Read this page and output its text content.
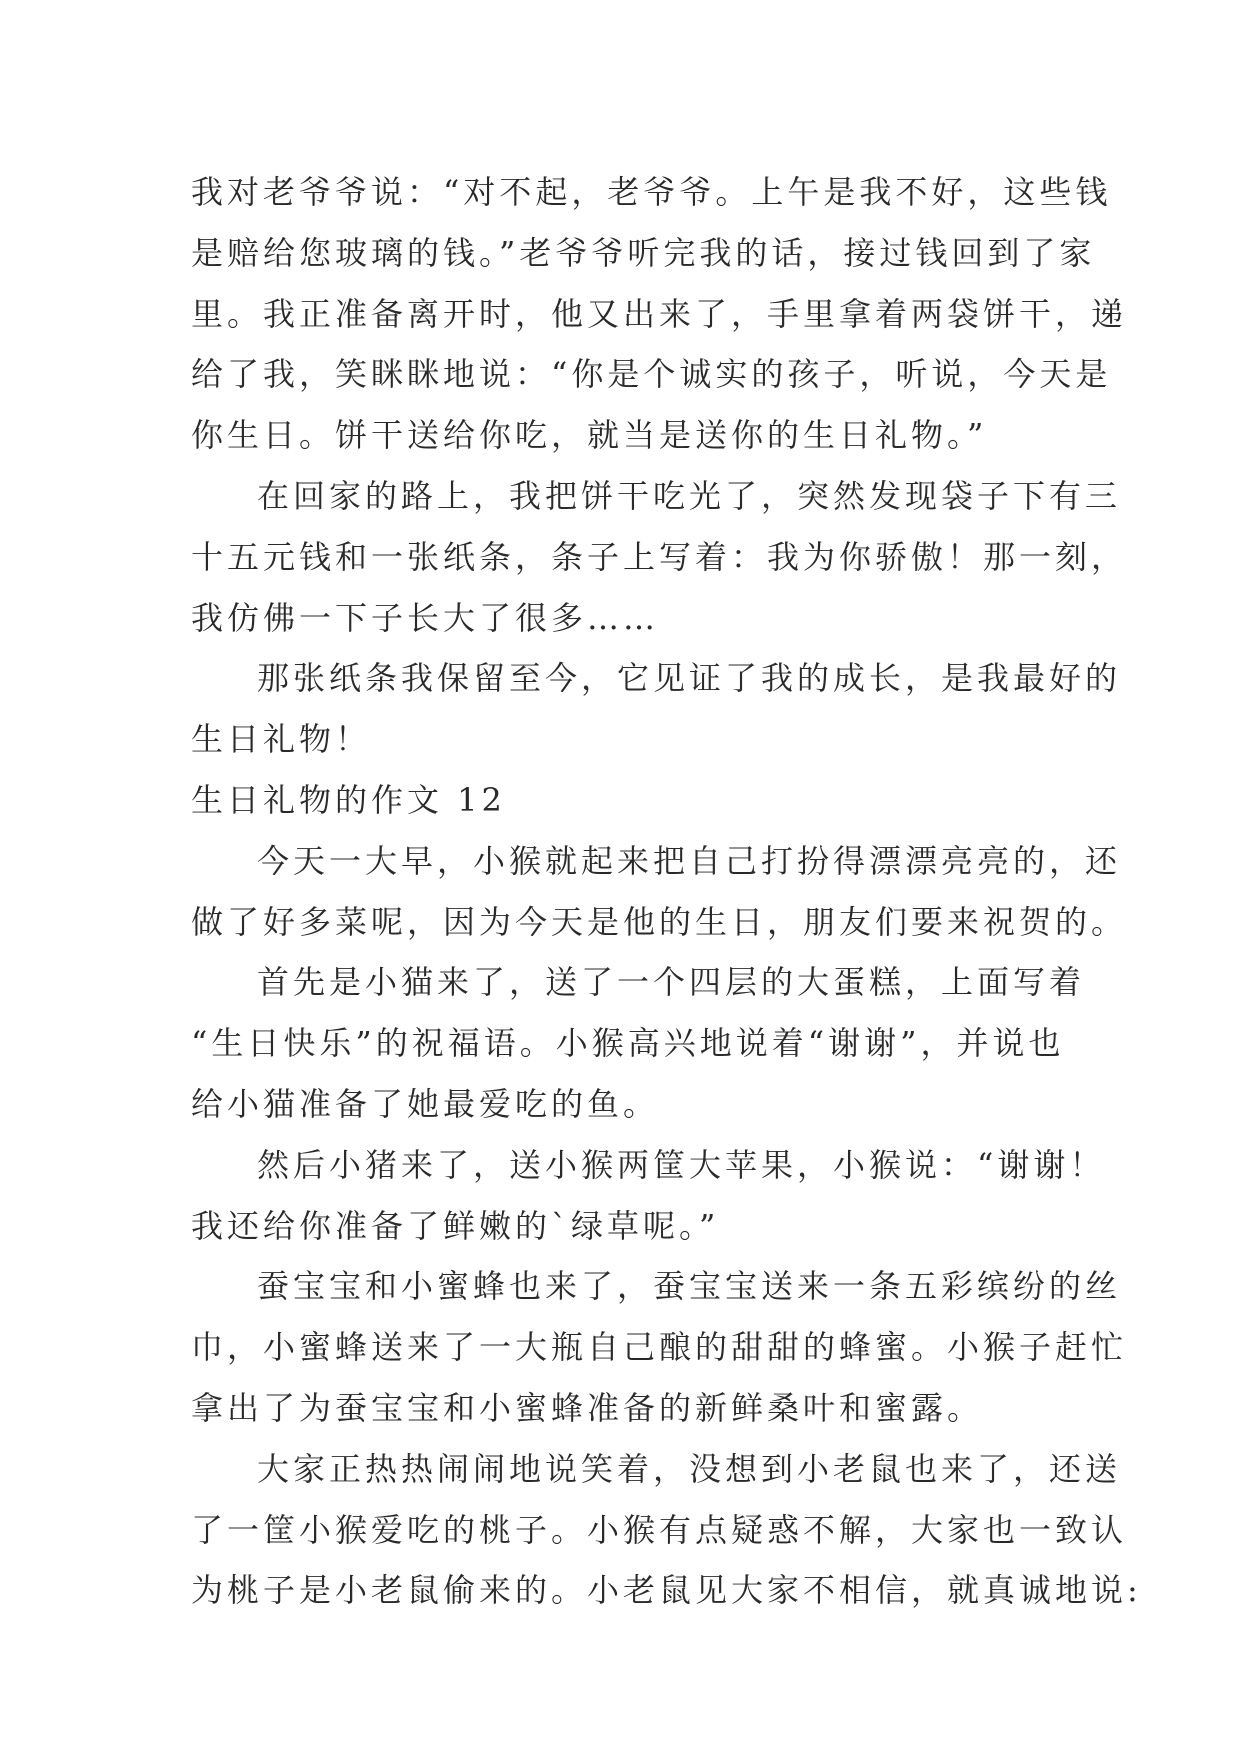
我对老爷爷说：“对不起，老爷爷。上午是我不好，这些钱
是赔给您玻璃的钱。”老爷爷听完我的话，接过钱回到了家
里。我正准备离开时，他又出来了，手里拿着两袋饼干，递
给了我，笑眯眯地说：“你是个诚实的孩子，听说，今天是
你生日。饼干送给你吃，就当是送你的生日礼物。”
在回家的路上，我把饼干吃光了，突然发现袋子下有三
十五元钱和一张纸条，条子上写着：我为你骄傲！那一刻，
我仿佛一下子长大了很多……
那张纸条我保留至今，它见证了我的成长，是我最好的
生日礼物！
生日礼物的作文 12
今天一大早，小猴就起来把自己打扮得漂漂亮亮的，还
做了好多菜呢，因为今天是他的生日，朋友们要来祝贺的。
首先是小猫来了，送了一个四层的大蛋糕，上面写着
“生日快乐”的祝福语。小猴高兴地说着“谢谢”，并说也
给小猫准备了她最爱吃的鱼。
然后小猪来了，送小猴两筐大苹果，小猴说：“谢谢！
我还给你准备了鲜嫩的`绿草呢。”
蚕宝宝和小蜜蜂也来了，蚕宝宝送来一条五彩缤纷的丝
巾，小蜜蜂送来了一大瓶自己酿的甜甜的蜂蜜。小猴子赶忙
拿出了为蚕宝宝和小蜜蜂准备的新鲜桑叶和蜜露。
大家正热热闹闹地说笑着，没想到小老鼠也来了，还送
了一筐小猴爱吃的桃子。小猴有点疑惑不解，大家也一致认
为桃子是小老鼠偷来的。小老鼠见大家不相信，就真诚地说:
